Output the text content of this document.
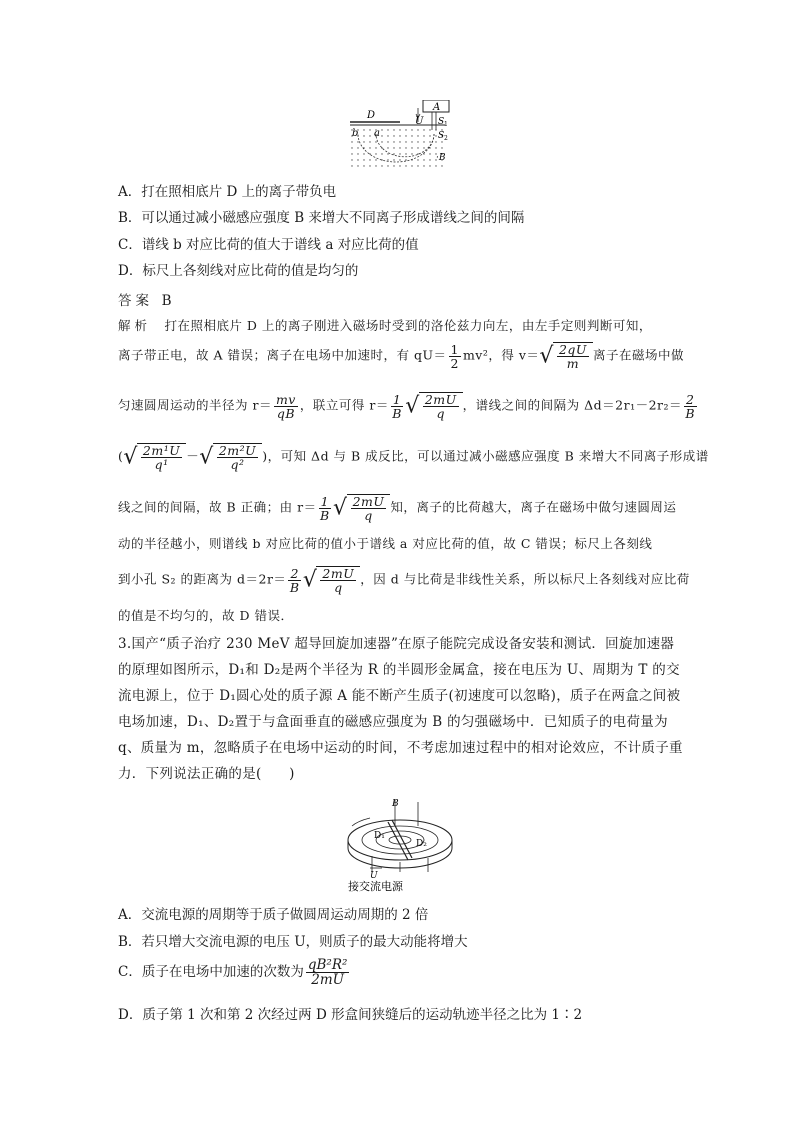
D
A
U S 1
S 2
b a
·B
A．打在照相底片 D 上的离子带负电
B．可以通过减小磁感应强度 B 来增大不同离子形成谱线之间的间隔
C．谱线 b 对应比荷的值大于谱线 a 对应比荷的值
D．标尺上各刻线对应比荷的值是均匀的
答案 B
解析 打在照相底片 D 上的离子刚进入磁场时受到的洛伦兹力向左，由左手定则判断可知，
离子带正电，故 A 错误；离子在电场中加速时，有 $qU= \frac{1}{2} mv^2$，得 $v=√ \frac{2qU}{m}$ 离子在磁场中做
匀速圆周运动的半径为 $r= \frac{mv}{qB}$ ，联立可得 $r= \frac{1}{B}$ √ $\frac{2mU}{q}$ ，谱线之间的间隔为 $\Delta d=2r_1-2r_2= \frac{2}{B}$
(√ $\frac{\text{2m¹U}}{\text{q¹}}$ －√ $\frac{\text{2m²U}}{\text{q²}}$ )，可知 Δd 与 B 成反比，可以通过减小磁感应强度 B 来增大不同离子形成谱
线之间的间隔，故 B 正确；由 $r= \frac{1}{B}$ √ $\frac{2mU}{q}$ 知，离子的比荷越大，离子在磁场中做匀速圆周运
动的半径越小，则谱线 b 对应比荷的值小于谱线 a 对应比荷的值，故 C 错误；标尺上各刻线
到小孔 S₂ 的距离为 $d=2r= \frac{2}{B}$ √ $\frac{2mU}{q}$ ，因 d 与比荷是非线性关系，所以标尺上各刻线对应比荷
的值是不均匀的，故 D 错误．
3.国产“质子治疗 230 MeV 超导回旋加速器”在原子能院完成设备安装和测试．回旋加速器
的原理如图所示，D₁和 D₂是两个半径为 R 的半圆形金属盒，接在电压为 U、周期为 T 的交
流电源上，位于 D₁圆心处的质子源 A 能不断产生质子(初速度可以忽略)，质子在两盒之间被
电场加速，D₁、D₂置于与盒面垂直的磁感应强度为 B 的匀强磁场中．已知质子的电荷量为
q、质量为 m，忽略质子在电场中运动的时间，不考虑加速过程中的相对论效应，不计质子重
力．下列说法正确的是(　　)
B
D₁
D₂
U
接交流电源
A．交流电源的周期等于质子做圆周运动周期的 2 倍
B．若只增大交流电源的电压 U，则质子的最大动能将增大
C．质子在电场中加速的次数为 $\frac{\text{qB²R²}}{2mU}$
D．质子第 1 次和第 2 次经过两 D 形盒间狭缝后的运动轨迹半径之比为 1∶2
